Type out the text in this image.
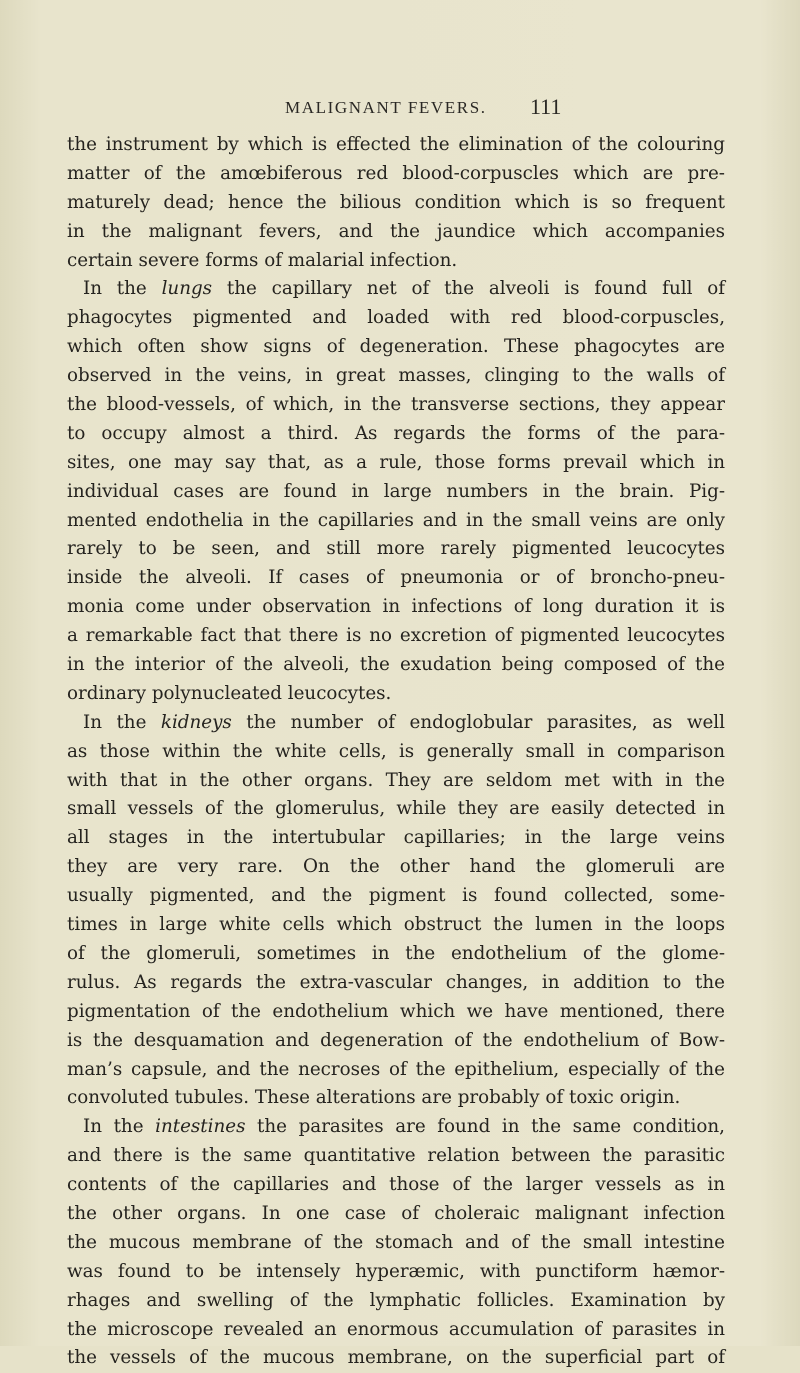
MALIGNANT FEVERS. 111
the instrument by which is effected the elimination of the colouring
matter of the amœbiferous red blood-corpuscles which are pre-
maturely dead; hence the bilious condition which is so frequent
in the malignant fevers, and the jaundice which accompanies
certain severe forms of malarial infection.
In the lungs the capillary net of the alveoli is found full of
phagocytes pigmented and loaded with red blood-corpuscles,
which often show signs of degeneration. These phagocytes are
observed in the veins, in great masses, clinging to the walls of
the blood-vessels, of which, in the transverse sections, they appear
to occupy almost a third. As regards the forms of the para-
sites, one may say that, as a rule, those forms prevail which in
individual cases are found in large numbers in the brain. Pig-
mented endothelia in the capillaries and in the small veins are only
rarely to be seen, and still more rarely pigmented leucocytes
inside the alveoli. If cases of pneumonia or of broncho-pneu-
monia come under observation in infections of long duration it is
a remarkable fact that there is no excretion of pigmented leucocytes
in the interior of the alveoli, the exudation being composed of the
ordinary polynucleated leucocytes.
In the kidneys the number of endoglobular parasites, as well
as those within the white cells, is generally small in comparison
with that in the other organs. They are seldom met with in the
small vessels of the glomerulus, while they are easily detected in
all stages in the intertubular capillaries; in the large veins
they are very rare. On the other hand the glomeruli are
usually pigmented, and the pigment is found collected, some-
times in large white cells which obstruct the lumen in the loops
of the glomeruli, sometimes in the endothelium of the glome-
rulus. As regards the extra-vascular changes, in addition to the
pigmentation of the endothelium which we have mentioned, there
is the desquamation and degeneration of the endothelium of Bow-
man’s capsule, and the necroses of the epithelium, especially of the
convoluted tubules. These alterations are probably of toxic origin.
In the intestines the parasites are found in the same condition,
and there is the same quantitative relation between the parasitic
contents of the capillaries and those of the larger vessels as in
the other organs. In one case of choleraic malignant infection
the mucous membrane of the stomach and of the small intestine
was found to be intensely hyperæmic, with punctiform hæmor-
rhages and swelling of the lymphatic follicles. Examination by
the microscope revealed an enormous accumulation of parasites in
the vessels of the mucous membrane, on the superficial part of
